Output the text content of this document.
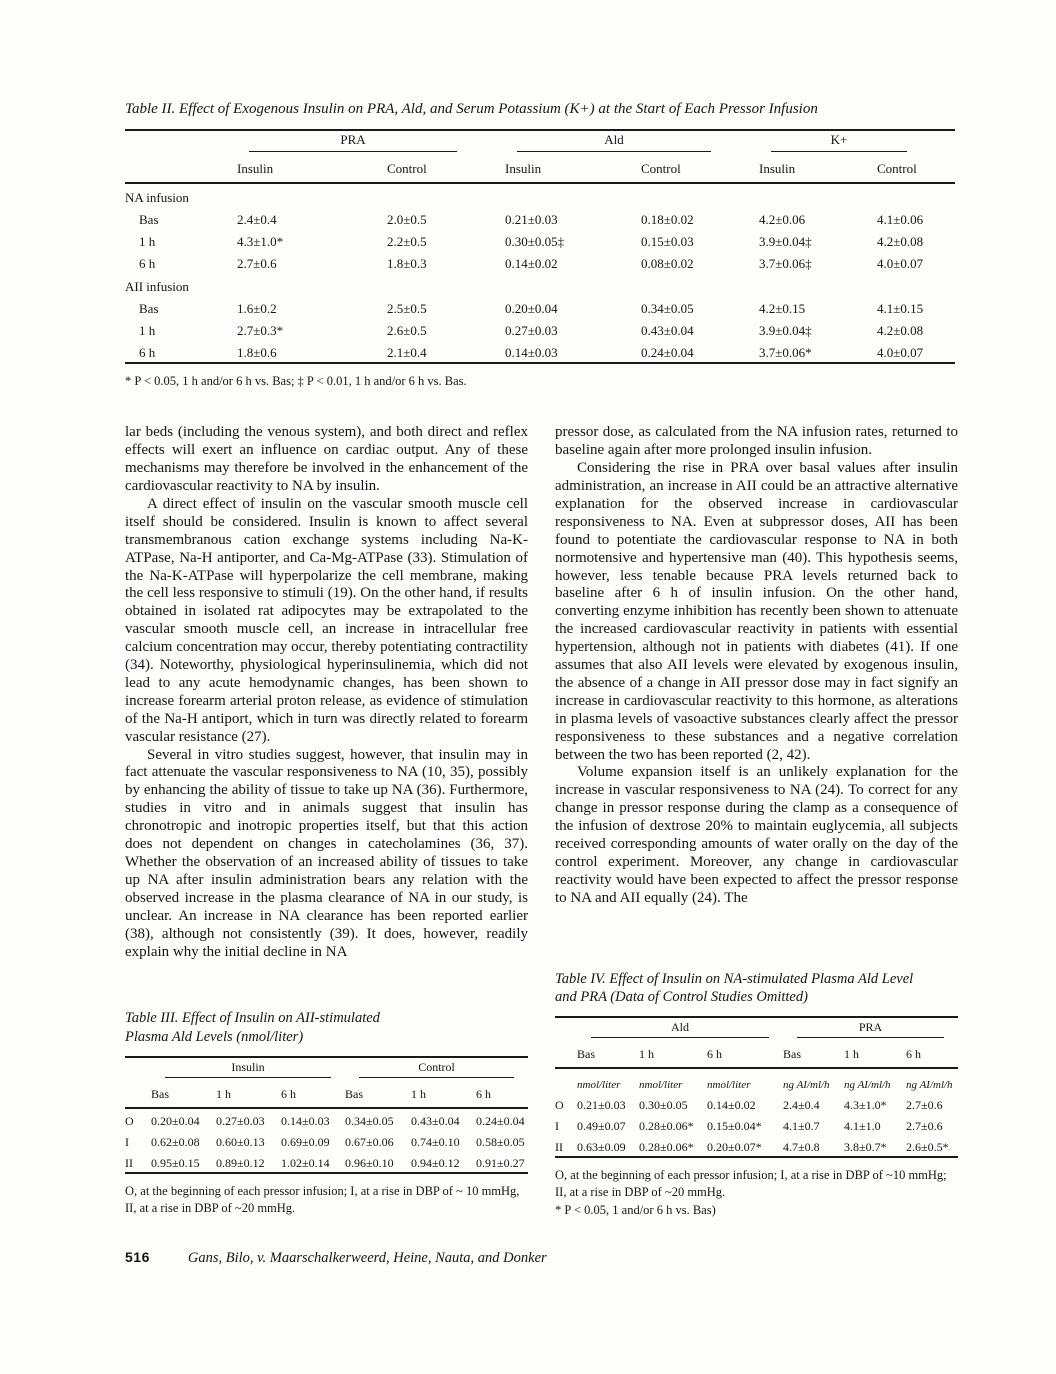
Table II. Effect of Exogenous Insulin on PRA, Ald, and Serum Potassium (K+) at the Start of Each Pressor Infusion

	PRA		Ald		K+	

	Insulin	Control	Insulin	Control	Insulin	Control
NA infusion						
Bas	2.4±0.4	2.0±0.5	0.21±0.03	0.18±0.02	4.2±0.06	4.1±0.06
1 h	4.3±1.0*	2.2±0.5	0.30±0.05‡	0.15±0.03	3.9±0.04‡	4.2±0.08
6 h	2.7±0.6	1.8±0.3	0.14±0.02	0.08±0.02	3.7±0.06‡	4.0±0.07
AII infusion						
Bas	1.6±0.2	2.5±0.5	0.20±0.04	0.34±0.05	4.2±0.15	4.1±0.15
1 h	2.7±0.3*	2.6±0.5	0.27±0.03	0.43±0.04	3.9±0.04‡	4.2±0.08
6 h	1.8±0.6	2.1±0.4	0.14±0.03	0.24±0.04	3.7±0.06*	4.0±0.07

* P < 0.05, 1 h and/or 6 h vs. Bas; ‡ P < 0.01, 1 h and/or 6 h vs. Bas.

lar beds (including the venous system), and both direct and reflex effects will exert an influence on cardiac output. Any of these mechanisms may therefore be involved in the enhancement of the cardiovascular reactivity to NA by insulin.

A direct effect of insulin on the vascular smooth muscle cell itself should be considered. Insulin is known to affect several transmembranous cation exchange systems including Na-K-ATPase, Na-H antiporter, and Ca-Mg-ATPase (33). Stimulation of the Na-K-ATPase will hyperpolarize the cell membrane, making the cell less responsive to stimuli (19). On the other hand, if results obtained in isolated rat adipocytes may be extrapolated to the vascular smooth muscle cell, an increase in intracellular free calcium concentration may occur, thereby potentiating contractility (34). Noteworthy, physiological hyperinsulinemia, which did not lead to any acute hemodynamic changes, has been shown to increase forearm arterial proton release, as evidence of stimulation of the Na-H antiport, which in turn was directly related to forearm vascular resistance (27).

Several in vitro studies suggest, however, that insulin may in fact attenuate the vascular responsiveness to NA (10, 35), possibly by enhancing the ability of tissue to take up NA (36). Furthermore, studies in vitro and in animals suggest that insulin has chronotropic and inotropic properties itself, but that this action does not dependent on changes in catecholamines (36, 37). Whether the observation of an increased ability of tissues to take up NA after insulin administration bears any relation with the observed increase in the plasma clearance of NA in our study, is unclear. An increase in NA clearance has been reported earlier (38), although not consistently (39). It does, however, readily explain why the initial decline in NA

Table III. Effect of Insulin on AII-stimulated
Plasma Ald Levels (nmol/liter)

	Insulin			Control		

	Bas	1 h	6 h	Bas	1 h	6 h
O	0.20±0.04	0.27±0.03	0.14±0.03	0.34±0.05	0.43±0.04	0.24±0.04
I	0.62±0.08	0.60±0.13	0.69±0.09	0.67±0.06	0.74±0.10	0.58±0.05
II	0.95±0.15	0.89±0.12	1.02±0.14	0.96±0.10	0.94±0.12	0.91±0.27

O, at the beginning of each pressor infusion; I, at a rise in DBP of ~ 10 mmHg, II, at a rise in DBP of ~20 mmHg.

pressor dose, as calculated from the NA infusion rates, returned to baseline again after more prolonged insulin infusion.

Considering the rise in PRA over basal values after insulin administration, an increase in AII could be an attractive alternative explanation for the observed increase in cardiovascular responsiveness to NA. Even at subpressor doses, AII has been found to potentiate the cardiovascular response to NA in both normotensive and hypertensive man (40). This hypothesis seems, however, less tenable because PRA levels returned back to baseline after 6 h of insulin infusion. On the other hand, converting enzyme inhibition has recently been shown to attenuate the increased cardiovascular reactivity in patients with essential hypertension, although not in patients with diabetes (41). If one assumes that also AII levels were elevated by exogenous insulin, the absence of a change in AII pressor dose may in fact signify an increase in cardiovascular reactivity to this hormone, as alterations in plasma levels of vasoactive substances clearly affect the pressor responsiveness to these substances and a negative correlation between the two has been reported (2, 42).

Volume expansion itself is an unlikely explanation for the increase in vascular responsiveness to NA (24). To correct for any change in pressor response during the clamp as a consequence of the infusion of dextrose 20% to maintain euglycemia, all subjects received corresponding amounts of water orally on the day of the control experiment. Moreover, any change in cardiovascular reactivity would have been expected to affect the pressor response to NA and AII equally (24). The

Table IV. Effect of Insulin on NA-stimulated Plasma Ald Level
and PRA (Data of Control Studies Omitted)

	Ald			PRA		

	Bas	1 h	6 h	Bas	1 h	6 h
	nmol/liter	nmol/liter	nmol/liter	ng AI/ml/h	ng AI/ml/h	ng AI/ml/h
O	0.21±0.03	0.30±0.05	0.14±0.02	2.4±0.4	4.3±1.0*	2.7±0.6
I	0.49±0.07	0.28±0.06*	0.15±0.04*	4.1±0.7	4.1±1.0	2.7±0.6
II	0.63±0.09	0.28±0.06*	0.20±0.07*	4.7±0.8	3.8±0.7*	2.6±0.5*

O, at the beginning of each pressor infusion; I, at a rise in DBP of ~10 mmHg; II, at a rise in DBP of ~20 mmHg.

* P < 0.05, 1 and/or 6 h vs. Bas)

516	Gans, Bilo, v. Maarschalkerweerd, Heine, Nauta, and Donker
